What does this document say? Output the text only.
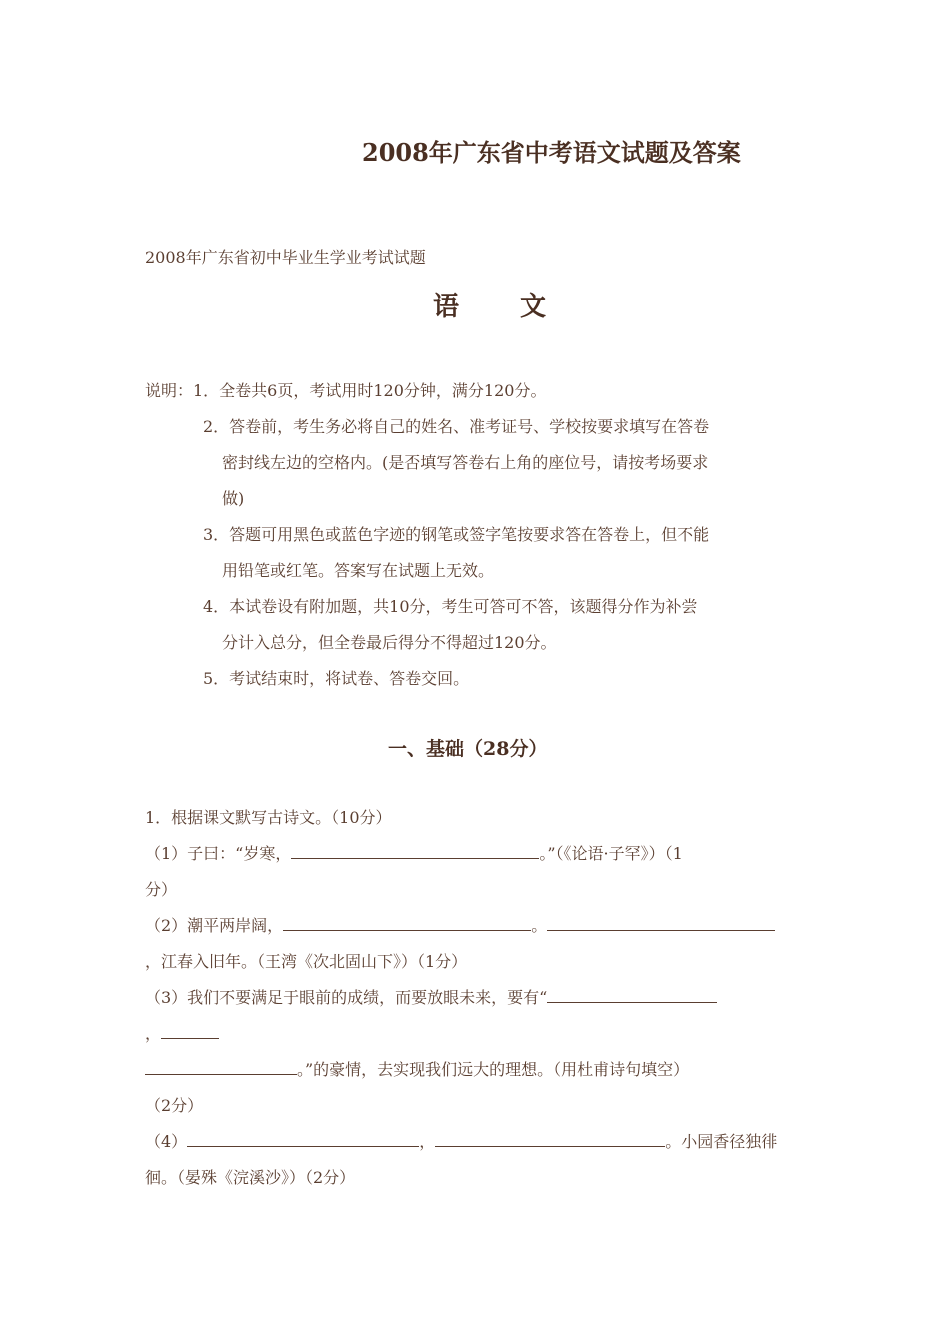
2008年广东省中考语文试题及答案
2008年广东省初中毕业生学业考试试题
语 文
说明：1．全卷共6页，考试用时120分钟，满分120分。
2．答卷前，考生务必将自己的姓名、准考证号、学校按要求填写在答卷
密封线左边的空格内。(是否填写答卷右上角的座位号，请按考场要求
做)
3．答题可用黑色或蓝色字迹的钢笔或签字笔按要求答在答卷上，但不能
用铅笔或红笔。答案写在试题上无效。
4．本试卷设有附加题，共10分，考生可答可不答，该题得分作为补尝
分计入总分，但全卷最后得分不得超过120分。
5．考试结束时，将试卷、答卷交回。
一、基础（28分）
1．根据课文默写古诗文。（10分）
（1）子曰：“岁寒，	。”（《论语·子罕》）（1
分）
（2）潮平两岸阔，	。
，江春入旧年。（王湾《次北固山下》）（1分）
（3）我们不要满足于眼前的成绩，而要放眼未来，要有“
，
。”的豪情，去实现我们远大的理想。（用杜甫诗句填空）
（2分）
（4）	，	。小园香径独徘
徊。（晏殊《浣溪沙》）（2分）
